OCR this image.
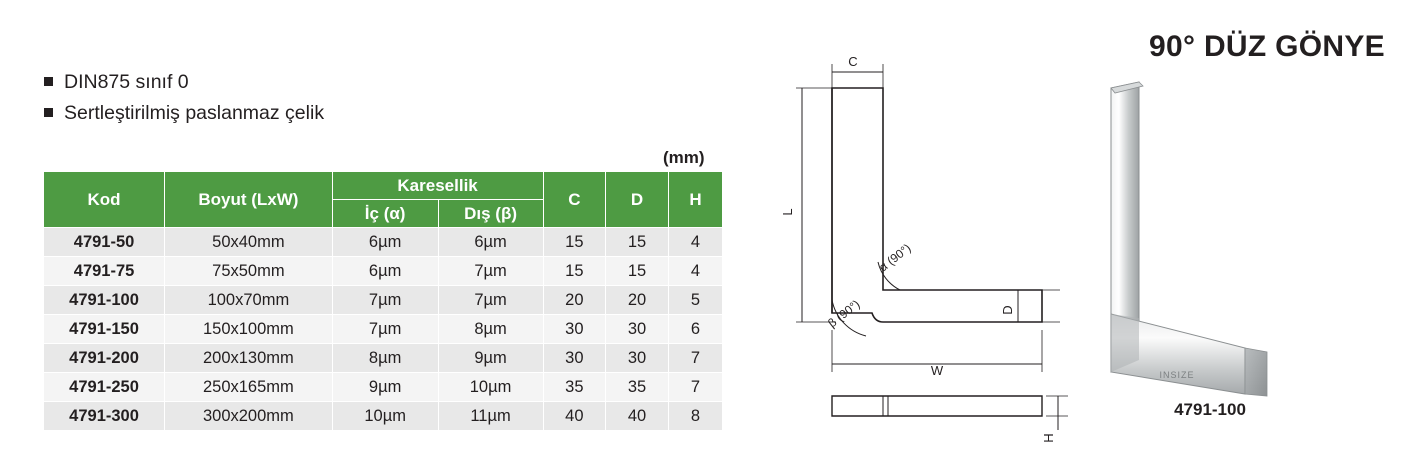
DIN875 sınıf 0
Sertleştirilmiş paslanmaz çelik
(mm)
Kod	Boyut (LxW)	Karesellik		C	D	H
		İç (α)	Dış (β)			
4791-50	50x40mm	6µm	6µm	15	15	4
4791-75	75x50mm	6µm	7µm	15	15	4
4791-100	100x70mm	7µm	7µm	20	20	5
4791-150	150x100mm	7µm	8µm	30	30	6
4791-200	200x130mm	8µm	9µm	30	30	7
4791-250	250x165mm	9µm	10µm	35	35	7
4791-300	300x200mm	10µm	11µm	40	40	8
90° DÜZ GÖNYE
C
L
W
D
H
α (90°)
β (90°)
INSIZE
4791-100
